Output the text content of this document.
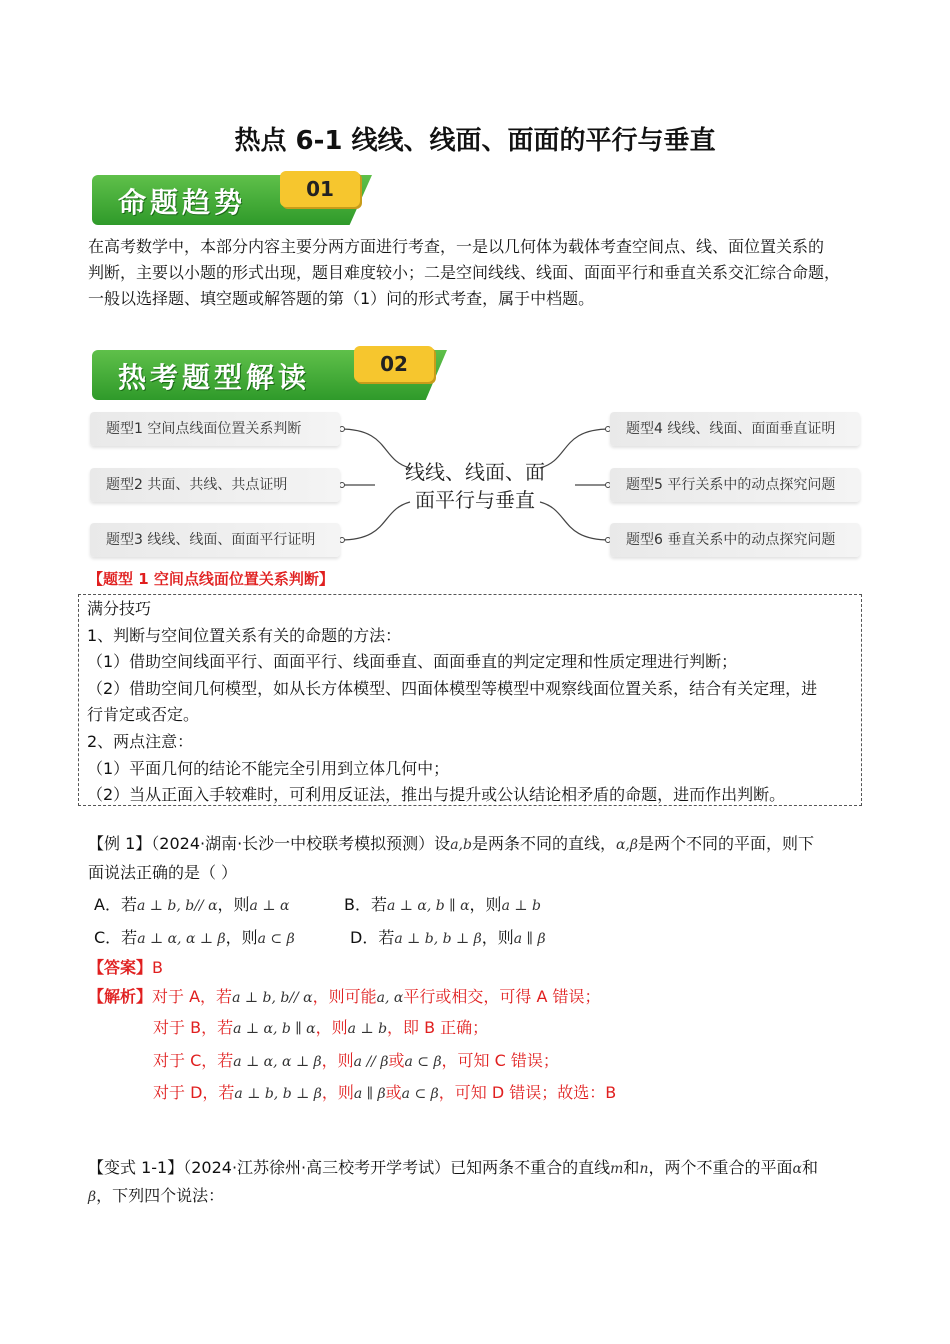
热点 6-1 线线、线面、面面的平行与垂直
命题趋势	01
在高考数学中，本部分内容主要分两方面进行考查，一是以几何体为载体考查空间点、线、面位置关系的
判断，主要以小题的形式出现，题目难度较小；二是空间线线、线面、面面平行和垂直关系交汇综合命题，
一般以选择题、填空题或解答题的第（1）问的形式考查，属于中档题。
热考题型解读	02
题型1 空间点线面位置关系判断
题型2 共面、共线、共点证明
题型3 线线、线面、面面平行证明
题型4 线线、线面、面面垂直证明
题型5 平行关系中的动点探究问题
题型6 垂直关系中的动点探究问题
线线、线面、面
面平行与垂直
【题型 1 空间点线面位置关系判断】
满分技巧
1、判断与空间位置关系有关的命题的方法：
（1）借助空间线面平行、面面平行、线面垂直、面面垂直的判定定理和性质定理进行判断；
（2）借助空间几何模型，如从长方体模型、四面体模型等模型中观察线面位置关系，结合有关定理，进
行肯定或否定。
2、两点注意：
（1）平面几何的结论不能完全引用到立体几何中；
（2）当从正面入手较难时，可利用反证法，推出与提升或公认结论相矛盾的命题，进而作出判断。
【例 1】（2024·湖南·长沙一中校联考模拟预测）设a,b是两条不同的直线，α,β是两个不同的平面，则下
面说法正确的是（ ）
A．若a ⊥ b, b// α，则a ⊥ α	B．若a ⊥ α, b ∥ α，则a ⊥ b
C．若a ⊥ α, α ⊥ β，则a ⊂ β	D．若a ⊥ b, b ⊥ β，则a ∥ β
【答案】B
【解析】对于 A，若a ⊥ b, b// α，则可能a, α平行或相交，可得 A 错误；
对于 B，若a ⊥ α, b ∥ α，则a ⊥ b，即 B 正确；
对于 C，若a ⊥ α, α ⊥ β，则a // β或a ⊂ β，可知 C 错误；
对于 D，若a ⊥ b, b ⊥ β，则a ∥ β或a ⊂ β，可知 D 错误；故选：B
【变式 1-1】（2024·江苏徐州·高三校考开学考试）已知两条不重合的直线m和n，两个不重合的平面α和
β，下列四个说法：
